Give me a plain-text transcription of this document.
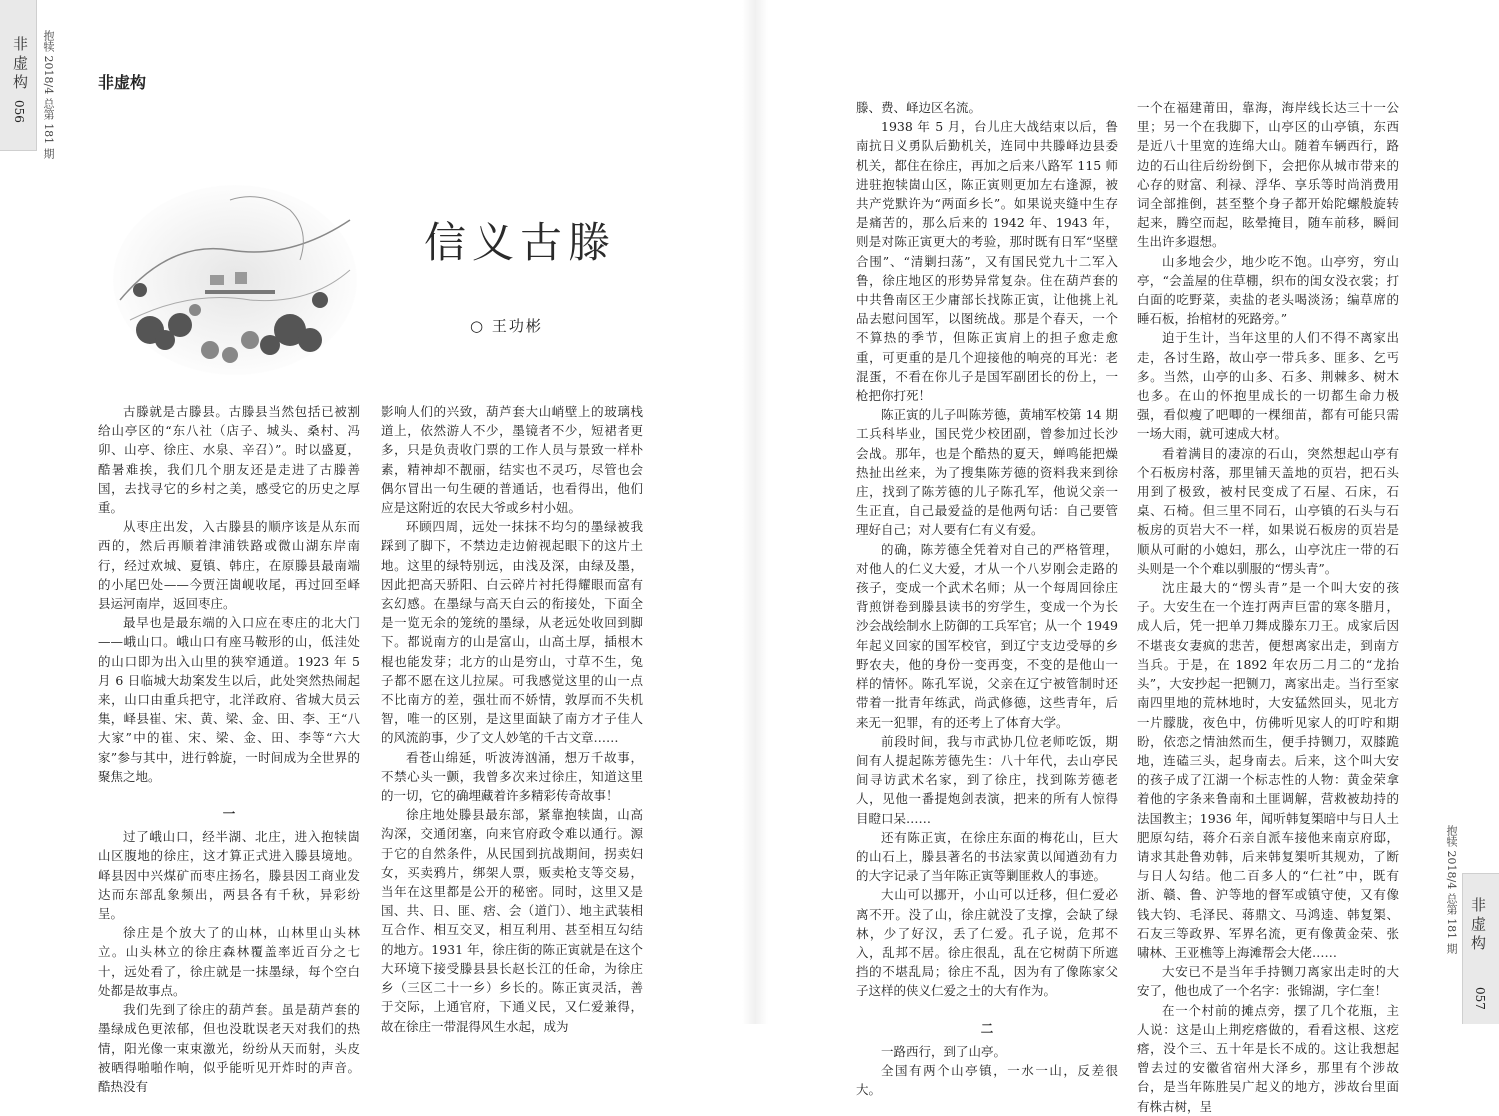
非虚构
056 抱犊 2018/4 总第 181 期
非虚构
057
抱犊 2018/4 总第 181 期
非虚构
信义古滕
○ 王功彬

古滕就是古滕县。古滕县当然包括已被割给山亭区的“东八社（店子、城头、桑村、冯卯、山亭、徐庄、水泉、辛召）”。时以盛夏，酷暑难挨，我们几个朋友还是走进了古滕善国，去找寻它的乡村之美，感受它的历史之厚重。

从枣庄出发，入古滕县的顺序该是从东而西的，然后再顺着津浦铁路或微山湖东岸南行，经过欢城、夏镇、韩庄，在原滕县最南端的小尾巴处——今贾汪崮岘收尾，再过回至峄县运河南岸，返回枣庄。

最早也是最东端的入口应在枣庄的北大门——峨山口。峨山口有座马鞍形的山，低洼处的山口即为出入山里的狭窄通道。1923 年 5 月 6 日临城大劫案发生以后，此处突然热闹起来，山口由重兵把守，北洋政府、省城大员云集，峄县崔、宋、黄、梁、金、田、李、王“八大家”中的崔、宋、梁、金、田、李等“六大家”参与其中，进行斡旋，一时间成为全世界的聚焦之地。

一

过了峨山口，经半湖、北庄，进入抱犊崮山区腹地的徐庄，这才算正式进入滕县境地。峄县因中兴煤矿而枣庄扬名，滕县因工商业发达而东部乱象频出，两县各有千秋，异彩纷呈。

徐庄是个放大了的山林，山林里山头林立。山头林立的徐庄森林覆盖率近百分之七十，远处看了，徐庄就是一抹墨绿，每个空白处都是故事点。

我们先到了徐庄的葫芦套。虽是葫芦套的墨绿成色更浓郁，但也没耽误老天对我们的热情，阳光像一束束激光，纷纷从天而射，头皮被晒得啪啪作响，似乎能听见开炸时的声音。酷热没有

影响人们的兴致，葫芦套大山峭壁上的玻璃栈道上，依然游人不少，墨镜者不少，短裙者更多，只是负责收门票的工作人员与景致一样朴素，精神却不靓丽，结实也不灵巧，尽管也会偶尔冒出一句生硬的普通话，也看得出，他们应是这附近的农民大爷或乡村小妞。

环顾四周，远处一抹抹不均匀的墨绿被我踩到了脚下，不禁边走边俯视起眼下的这片土地。这里的绿特别远，由浅及深，由绿及墨，因此把高天骄阳、白云碎片衬托得耀眼而富有玄幻感。在墨绿与高天白云的衔接处，下面全是一览无余的笼统的墨绿，从老远处收回到脚下。都说南方的山是富山，山高土厚，插根木棍也能发芽；北方的山是穷山，寸草不生，兔子都不愿在这儿拉屎。可我感觉这里的山一点不比南方的差，强壮而不娇情，敦厚而不失机智，唯一的区别，是这里面缺了南方才子佳人的风流韵事，少了文人妙笔的千古文章……

看苍山绵延，听波涛汹涌，想万千故事，不禁心头一颤，我曾多次来过徐庄，知道这里的一切，它的确埋藏着许多精彩传奇故事！

徐庄地处滕县最东部，紧靠抱犊崮，山高沟深，交通闭塞，向来官府政令难以通行。源于它的自然条件，从民国到抗战期间，拐卖妇女，买卖鸦片，绑架人票，贩卖枪支等交易，当年在这里都是公开的秘密。同时，这里又是国、共、日、匪、痞、会（道门）、地主武装相互合作、相互交叉，相互利用、甚至相互勾结的地方。1931 年，徐庄街的陈正寅就是在这个大环境下接受滕县县长赵长江的任命，为徐庄乡（三区二十一乡）乡长的。陈正寅灵活，善于交际，上通官府，下通义民，又仁爱兼得，故在徐庄一带混得风生水起，成为

滕、费、峄边区名流。

1938 年 5 月，台儿庄大战结束以后，鲁南抗日义勇队后勤机关，连同中共滕峄边县委机关，都住在徐庄，再加之后来八路军 115 师进驻抱犊崮山区，陈正寅则更加左右逢源，被共产党默许为“两面乡长”。如果说夹缝中生存是痛苦的，那么后来的 1942 年、1943 年，则是对陈正寅更大的考验，那时既有日军“坚壁合围”、“清剿扫荡”，又有国民党九十二军入鲁，徐庄地区的形势异常复杂。住在葫芦套的中共鲁南区王少庸部长找陈正寅，让他挑上礼品去慰问国军，以图统战。那是个春天，一个不算热的季节，但陈正寅肩上的担子愈走愈重，可更重的是几个迎接他的响亮的耳光：老混蛋，不看在你儿子是国军副团长的份上，一枪把你打死！

陈正寅的儿子叫陈芳德，黄埔军校第 14 期工兵科毕业，国民党少校团副，曾参加过长沙会战。那年，也是个酷热的夏天，蝉鸣能把燥热扯出丝来，为了搜集陈芳德的资料我来到徐庄，找到了陈芳德的儿子陈孔军，他说父亲一生正直，自己最爱益的是他两句话：自己要管理好自己；对人要有仁有义有爱。

的确，陈芳德全凭着对自己的严格管理，对他人的仁义大爱，才从一个八岁刚会走路的孩子，变成一个武术名师；从一个每周回徐庄背煎饼卷到滕县读书的穷学生，变成一个为长沙会战绘制水上防御的工兵军官；从一个 1949 年起义回家的国军校官，到辽宁支边受辱的乡野农夫，他的身份一变再变，不变的是他山一样的情怀。陈孔军说，父亲在辽宁被管制时还带着一批青年练武，尚武修德，这些青年，后来无一犯罪，有的还考上了体育大学。

前段时间，我与市武协几位老师吃饭，期间有人提起陈芳德先生：八十年代，去山亭民间寻访武术名家，到了徐庄，找到陈芳德老人，见他一番提炮剑表演，把来的所有人惊得目瞪口呆……

还有陈正寅，在徐庄东面的梅花山，巨大的山石上，滕县著名的书法家黄以闻遒劲有力的大字记录了当年陈正寅等剿匪救人的事迹。

大山可以挪开，小山可以迁移，但仁爱必离不开。没了山，徐庄就没了支撑，会缺了绿林，少了好汉，丢了仁爱。孔子说，危邦不入，乱邦不居。徐庄很乱，乱在它树荫下所遮挡的不堪乱局；徐庄不乱，因为有了像陈家父子这样的侠义仁爱之士的大有作为。

二

一路西行，到了山亭。

全国有两个山亭镇，一水一山，反差很大。

一个在福建莆田，靠海，海岸线长达三十一公里；另一个在我脚下，山亭区的山亭镇，东西是近八十里宽的连绵大山。随着车辆西行，路边的石山往后纷纷倒下，会把你从城市带来的心存的财富、利禄、浮华、享乐等时尚消费用词全部推倒，甚至整个身子都开始陀螺般旋转起来，腾空而起，眩晕掩目，随车前移，瞬间生出许多遐想。

山多地会少，地少吃不饱。山亭穷，穷山亭，“会盖屋的住草棚，织布的闺女没衣裳；打白面的吃野菜，卖盐的老头喝淡汤；编草席的睡石板，抬棺材的死路旁。”

迫于生计，当年这里的人们不得不离家出走，各讨生路，故山亭一带兵多、匪多、乞丐多。当然，山亭的山多、石多、荆棘多、树木也多。在山的怀抱里成长的一切都生命力极强，看似瘦了吧唧的一棵细苗，都有可能只需一场大雨，就可速成大材。

看着满目的凄凉的石山，突然想起山亭有个石板房村落，那里铺天盖地的页岩，把石头用到了极致，被村民变成了石屋、石床，石桌、石椅。但三里不同石，山亭镇的石头与石板房的页岩大不一样，如果说石板房的页岩是顺从可耐的小媳妇，那么，山亭沈庄一带的石头则是一个个难以驯服的“愣头青”。

沈庄最大的“愣头青”是一个叫大安的孩子。大安生在一个连打两声巨雷的寒冬腊月，成人后，凭一把单刀舞成滕东刀王。成家后因不堪丧女妻疯的悲苦，便想离家出走，到南方当兵。于是，在 1892 年农历二月二的“龙抬头”，大安抄起一把铡刀，离家出走。当行至家南四里地的荒林地时，大安猛然回头，见北方一片朦胧，夜色中，仿佛听见家人的叮咛和期盼，依恋之情油然而生，便手持铡刀，双膝跪地，连磕三头，起身南去。后来，这个叫大安的孩子成了江湖一个标志性的人物：黄金荣拿着他的字条来鲁南和土匪调解，营救被劫持的法国教主；1936 年，闻听韩复榘暗中与日人土肥原勾结，蒋介石亲自派车接他来南京府邸，请求其赴鲁劝韩，后来韩复榘听其规劝，了断与日人勾结。他二百多人的“仁社”中，既有浙、赣、鲁、沪等地的督军或镇守使，又有像钱大钧、毛泽民、蒋鼎文、马鸿逵、韩复榘、石友三等政界、军界名流，更有像黄金荣、张啸林、王亚樵等上海滩帮会大佬……

大安已不是当年手持铡刀离家出走时的大安了，他也成了一个名字：张锦湖，字仁奎！

在一个村前的摊点旁，摆了几个花瓶，主人说：这是山上荆疙瘩做的，看看这根、这疙瘩，没个三、五十年是长不成的。这让我想起曾去过的安徽省宿州大泽乡，那里有个涉故台，是当年陈胜吴广起义的地方，涉故台里面有株古树，呈
